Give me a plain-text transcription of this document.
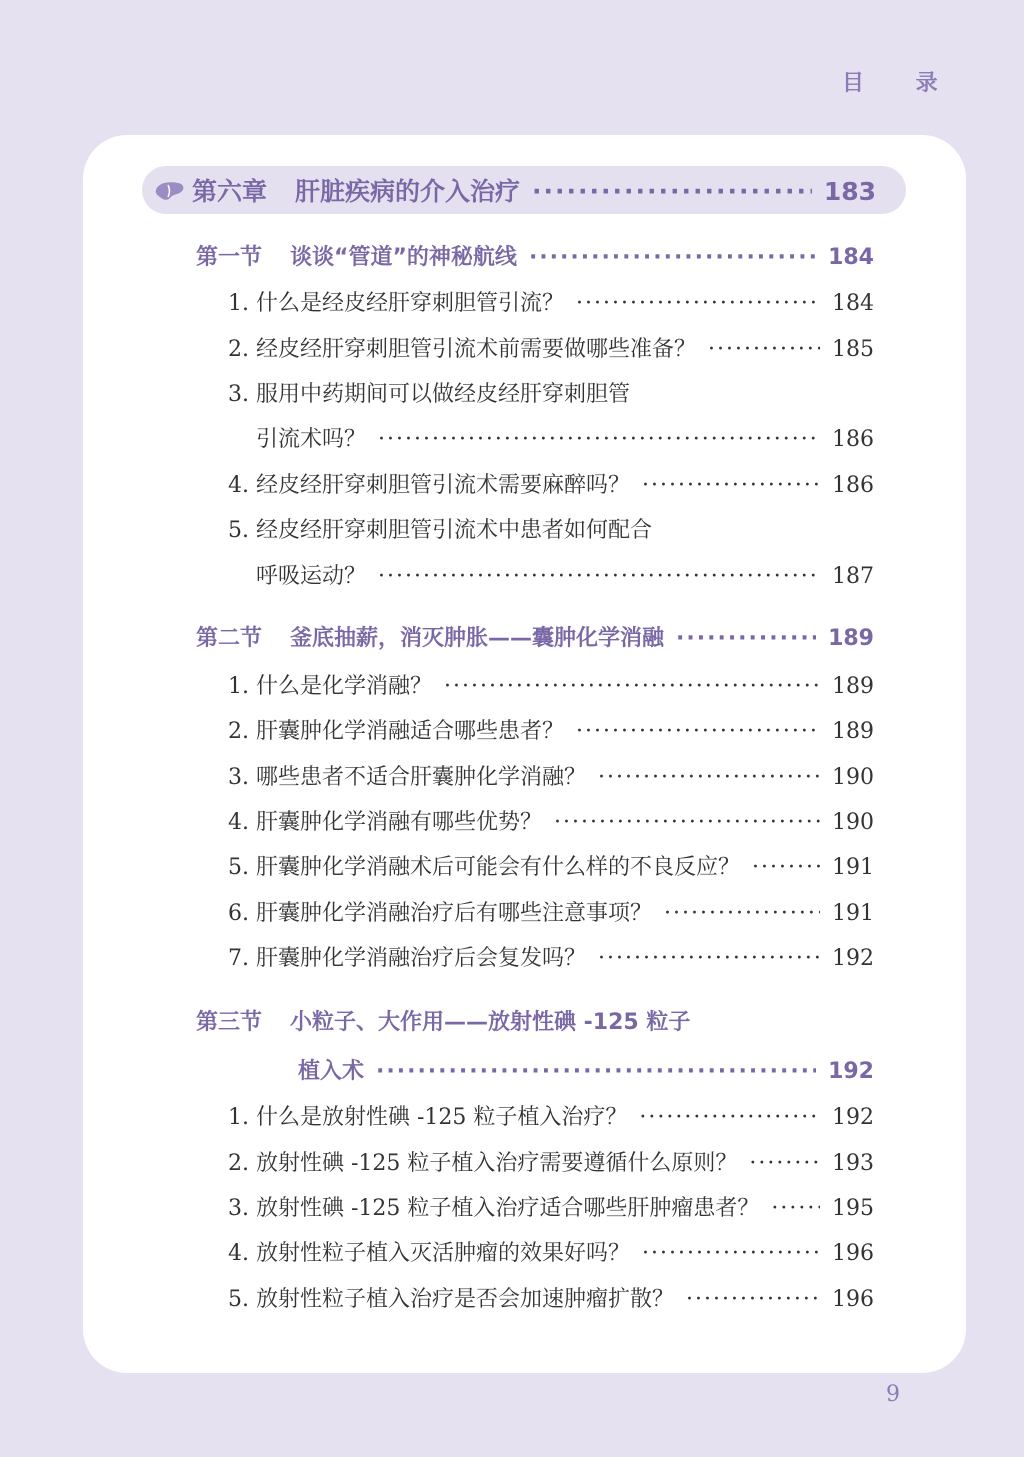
目 录
第六章 肝脏疾病的介入治疗 ·····	183
第一节 谈谈“管道”的神秘航线 ·····	184
1. 什么是经皮经肝穿刺胆管引流？ ·····	184
2. 经皮经肝穿刺胆管引流术前需要做哪些准备？ ·····	185
3. 服用中药期间可以做经皮经肝穿刺胆管
引流术吗？ ·····	186
4. 经皮经肝穿刺胆管引流术需要麻醉吗？ ·····	186
5. 经皮经肝穿刺胆管引流术中患者如何配合
呼吸运动？ ·····	187
第二节 釜底抽薪，消灭肿胀——囊肿化学消融 ·····	189
1. 什么是化学消融？ ·····	189
2. 肝囊肿化学消融适合哪些患者？ ·····	189
3. 哪些患者不适合肝囊肿化学消融？ ·····	190
4. 肝囊肿化学消融有哪些优势？ ·····	190
5. 肝囊肿化学消融术后可能会有什么样的不良反应？ ·····	191
6. 肝囊肿化学消融治疗后有哪些注意事项？ ·····	191
7. 肝囊肿化学消融治疗后会复发吗？ ·····	192
第三节 小粒子、大作用——放射性碘 -125 粒子
植入术 ·····	192
1. 什么是放射性碘 -125 粒子植入治疗？ ·····	192
2. 放射性碘 -125 粒子植入治疗需要遵循什么原则？ ·····	193
3. 放射性碘 -125 粒子植入治疗适合哪些肝肿瘤患者？ ·····	195
4. 放射性粒子植入灭活肿瘤的效果好吗？ ·····	196
5. 放射性粒子植入治疗是否会加速肿瘤扩散？ ·····	196
9
